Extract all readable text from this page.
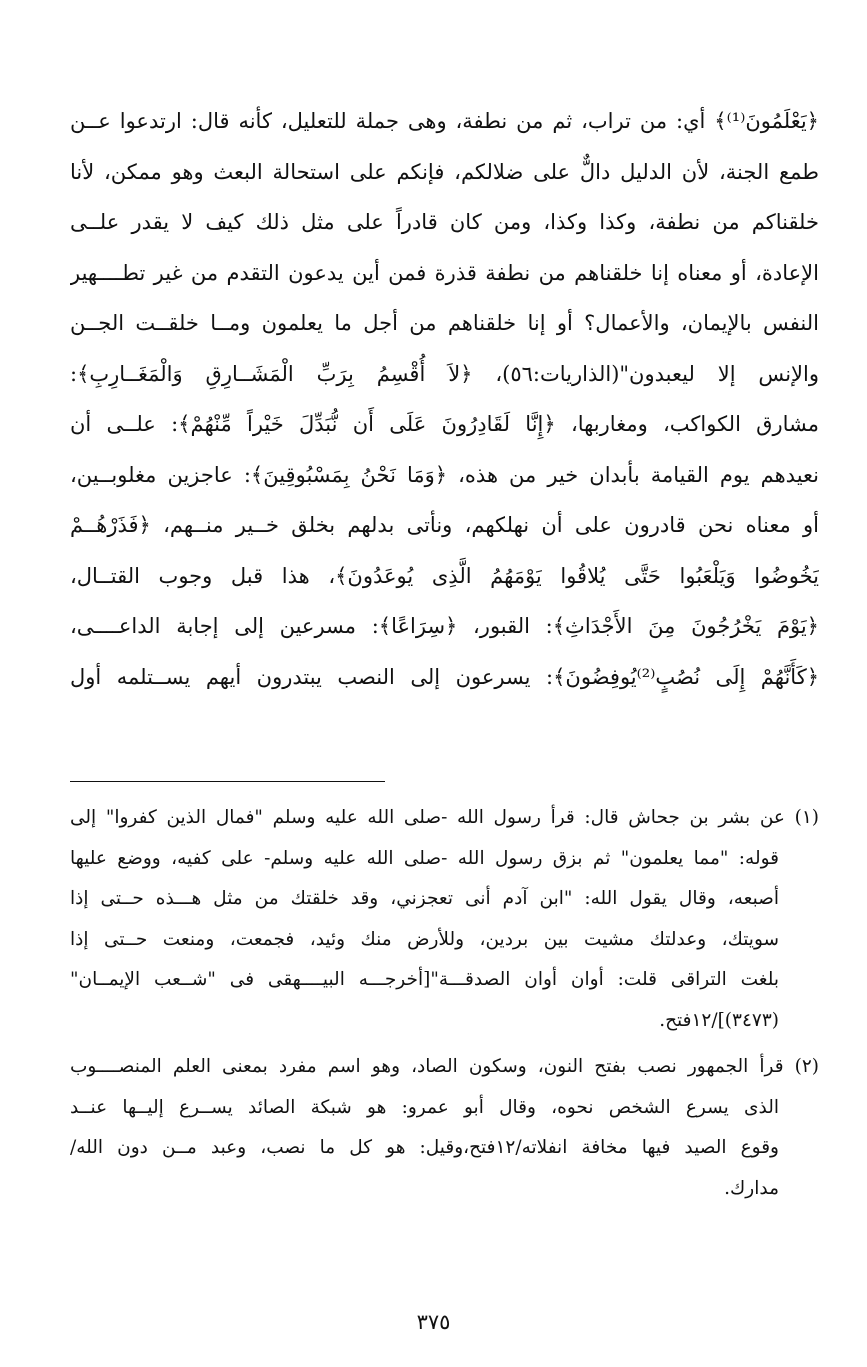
﴿يَعْلَمُونَ⁽¹⁾﴾ أي: من تراب، ثم من نطفة، وهى جملة للتعليل، كأنه قال: ارتدعوا عــن
طمع الجنة، لأن الدليل دالٌّ على ضلالكم، فإنكم على استحالة البعث وهو ممكن، لأنا
خلقناكم من نطفة، وكذا وكذا، ومن كان قادراً على مثل ذلك كيف لا يقدر علــى
الإعادة، أو معناه إنا خلقناهم من نطفة قذرة فمن أين يدعون التقدم من غير تطــــهير
النفس بالإيمان، والأعمال؟ أو إنا خلقناهم من أجل ما يعلمون ومــا خلقــت الجــن
والإنس إلا ليعبدون"(الذاريات:٥٦)، ﴿لاَ أُقْسِمُ بِرَبِّ الْمَشَــارِقِ وَالْمَغَــارِبِ﴾:
مشارق الكواكب، ومغاربها، ﴿إِنَّا لَقَادِرُونَ عَلَى أَن نُّبَدِّلَ خَيْراً مِّنْهُمْ﴾: علــى أن
نعيدهم يوم القيامة بأبدان خير من هذه، ﴿وَمَا نَحْنُ بِمَسْبُوقِينَ﴾: عاجزين مغلوبــين،
أو معناه نحن قادرون على أن نهلكهم، ونأتى بدلهم بخلق خــير منــهم، ﴿فَذَرْهُــمْ
يَخُوضُوا وَيَلْعَبُوا حَتَّى يُلاقُوا يَوْمَهُمُ الَّذِى يُوعَدُونَ﴾، هذا قبل وجوب القتــال،
﴿يَوْمَ يَخْرُجُونَ مِنَ الأَجْدَاثِ﴾: القبور، ﴿سِرَاعًا﴾: مسرعين إلى إجابة الداعــــى،
﴿كَأَنَّهُمْ إِلَى نُصُبٍ⁽²⁾يُوفِضُونَ﴾: يسرعون إلى النصب يبتدرون أيهم يســتلمه أول
(١) عن بشر بن جحاش قال: قرأ رسول الله -صلى الله عليه وسلم "فمال الذين كفروا" إلى
قوله: "مما يعلمون" ثم بزق رسول الله -صلى الله عليه وسلم- على كفيه، ووضع عليها
أصبعه، وقال يقول الله: "ابن آدم أنى تعجزني، وقد خلقتك من مثل هـــذه حــتى إذا
سويتك، وعدلتك مشيت بين بردين، وللأرض منك وئيد، فجمعت، ومنعت حــتى إذا
بلغت التراقى قلت: أوان أوان الصدقـــة"[أخرجـــه البيــــهقى فى "شــعب الإيمــان"
(٣٤٧٣)]/١٢فتح.
(٢) قرأ الجمهور نصب بفتح النون، وسكون الصاد، وهو اسم مفرد بمعنى العلم المنصــــوب
الذى يسرع الشخص نحوه، وقال أبو عمرو: هو شبكة الصائد يســرع إليــها عنــد
وقوع الصيد فيها مخافة انفلاته/١٢فتح،وقيل: هو كل ما نصب، وعبد مــن دون الله/
مدارك.
٣٧٥
